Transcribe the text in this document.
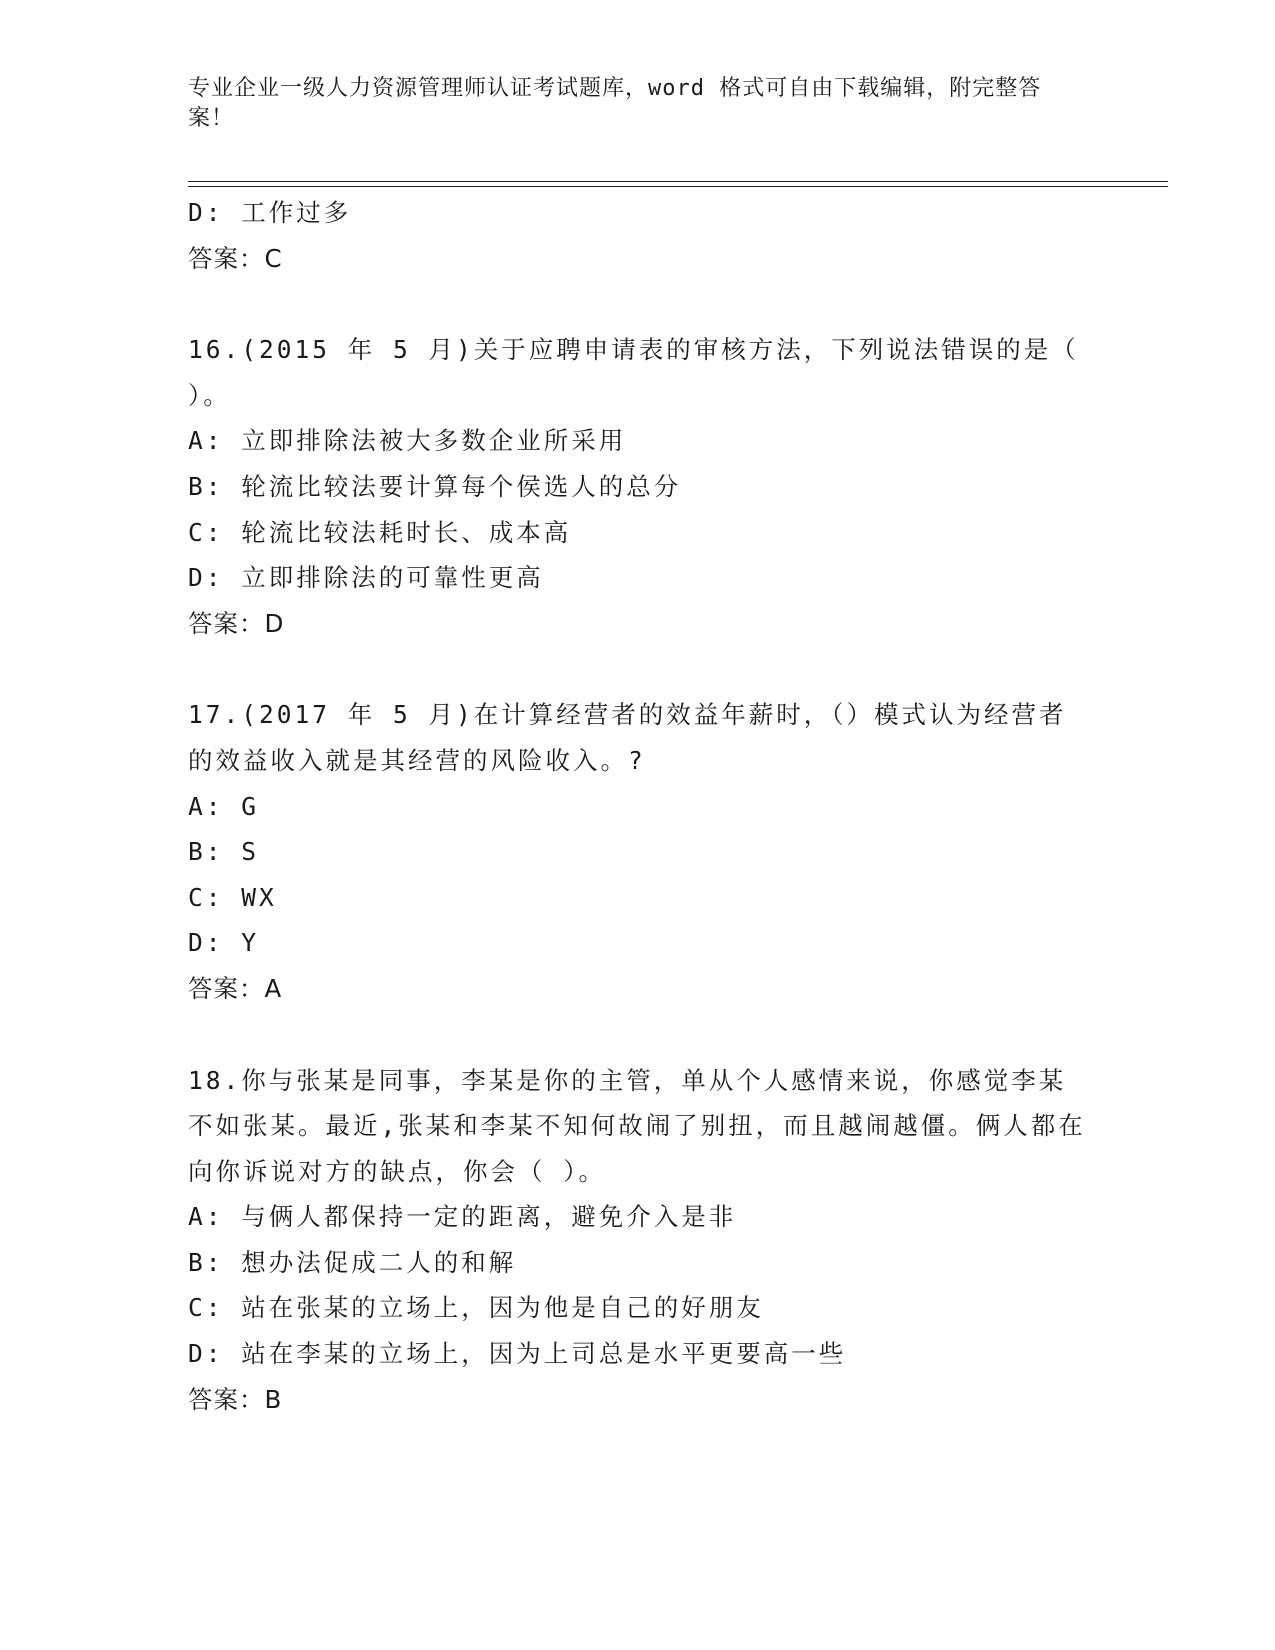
专业企业一级人力资源管理师认证考试题库，word 格式可自由下载编辑，附完整答案！

D: 工作过多

答案：C

16.(2015 年 5 月)关于应聘申请表的审核方法，下列说法错误的是（ ）。

A: 立即排除法被大多数企业所采用

B: 轮流比较法要计算每个侯选人的总分

C: 轮流比较法耗时长、成本高

D: 立即排除法的可靠性更高

答案：D

17.(2017 年 5 月)在计算经营者的效益年薪时，（）模式认为经营者的效益收入就是其经营的风险收入。?

A: G

B: S

C: WX

D: Y

答案：A

18.你与张某是同事，李某是你的主管，单从个人感情来说，你感觉李某不如张某。最近,张某和李某不知何故闹了别扭，而且越闹越僵。俩人都在向你诉说对方的缺点，你会（ ）。

A: 与俩人都保持一定的距离，避免介入是非

B: 想办法促成二人的和解

C: 站在张某的立场上，因为他是自己的好朋友

D: 站在李某的立场上，因为上司总是水平更要高一些

答案：B
